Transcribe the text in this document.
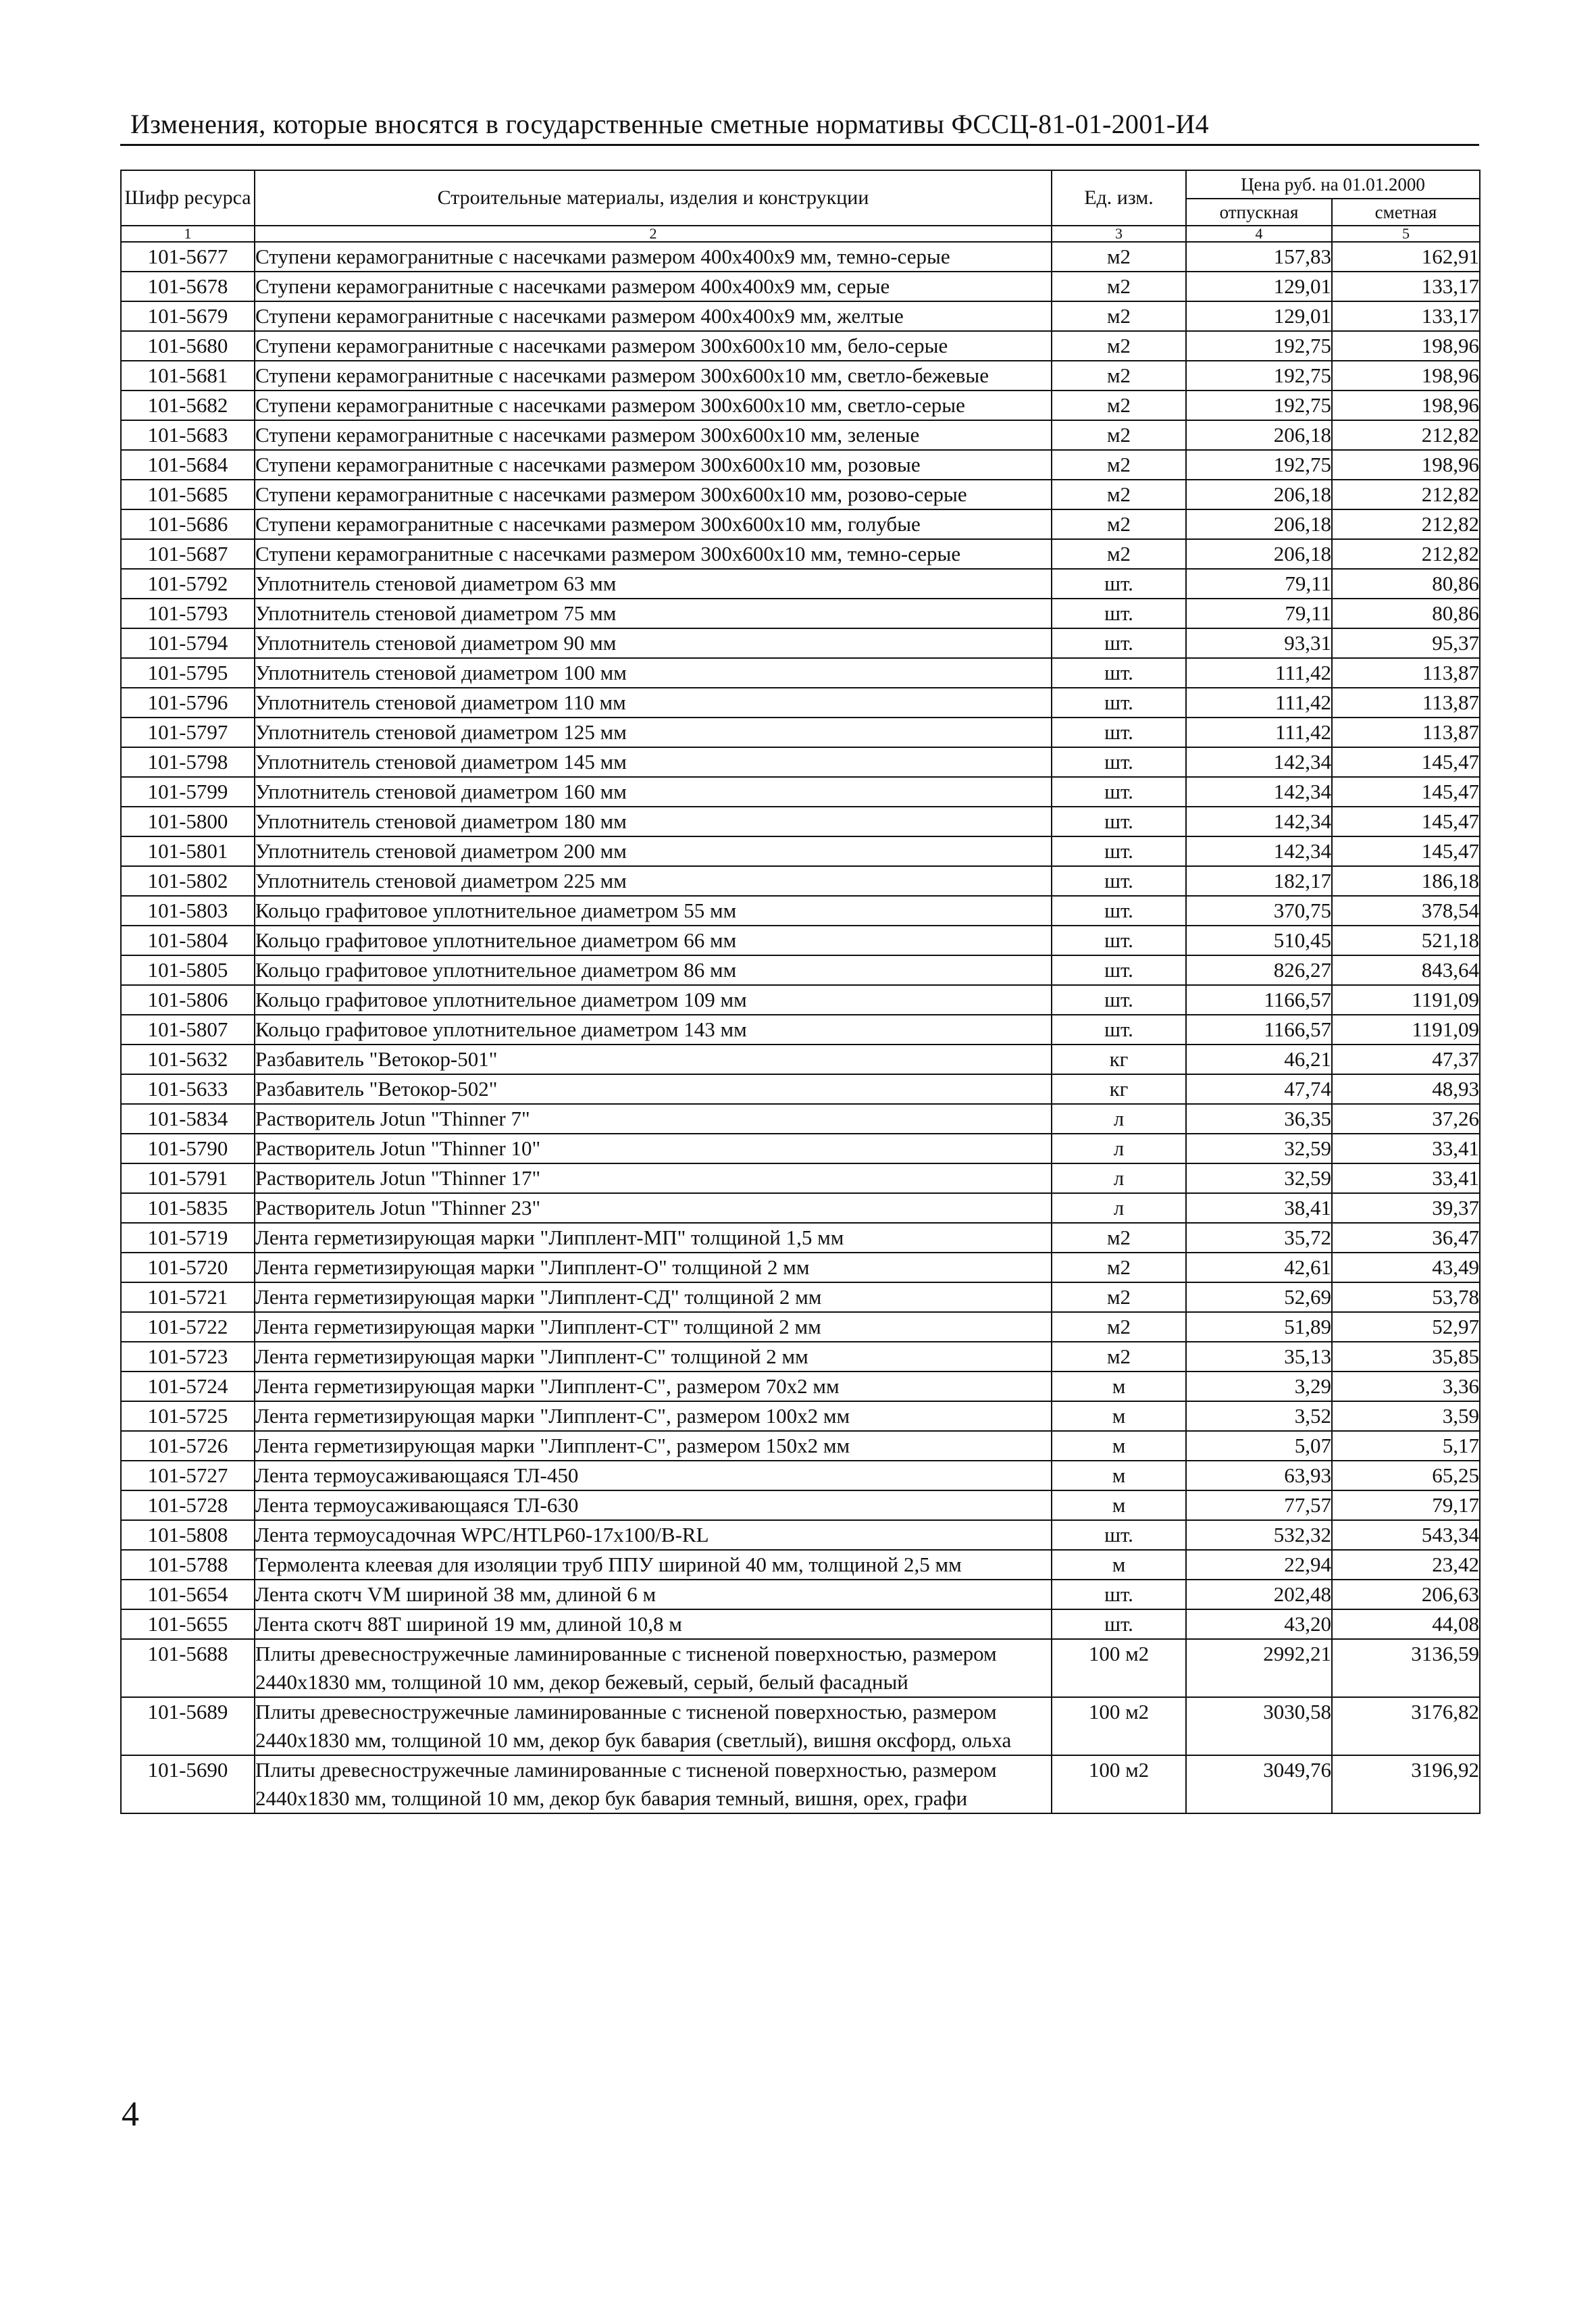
Изменения, которые вносятся в государственные сметные нормативы ФССЦ-81-01-2001-И4
Шифр ресурса	Строительные материалы, изделия и конструкции	Ед. изм.	Цена руб. на 01.01.2000	
			отпускная	сметная
1	2	3	4	5
101-5677	Ступени керамогранитные с насечками размером 400х400х9 мм, темно-серые	м2	157,83	162,91
101-5678	Ступени керамогранитные с насечками размером 400х400х9 мм, серые	м2	129,01	133,17
101-5679	Ступени керамогранитные с насечками размером 400х400х9 мм, желтые	м2	129,01	133,17
101-5680	Ступени керамогранитные с насечками размером 300х600х10 мм, бело-серые	м2	192,75	198,96
101-5681	Ступени керамогранитные с насечками размером 300х600х10 мм, светло-бежевые	м2	192,75	198,96
101-5682	Ступени керамогранитные с насечками размером 300х600х10 мм, светло-серые	м2	192,75	198,96
101-5683	Ступени керамогранитные с насечками размером 300х600х10 мм, зеленые	м2	206,18	212,82
101-5684	Ступени керамогранитные с насечками размером 300х600х10 мм, розовые	м2	192,75	198,96
101-5685	Ступени керамогранитные с насечками размером 300х600х10 мм, розово-серые	м2	206,18	212,82
101-5686	Ступени керамогранитные с насечками размером 300х600х10 мм, голубые	м2	206,18	212,82
101-5687	Ступени керамогранитные с насечками размером 300х600х10 мм, темно-серые	м2	206,18	212,82
101-5792	Уплотнитель стеновой диаметром 63 мм	шт.	79,11	80,86
101-5793	Уплотнитель стеновой диаметром 75 мм	шт.	79,11	80,86
101-5794	Уплотнитель стеновой диаметром 90 мм	шт.	93,31	95,37
101-5795	Уплотнитель стеновой диаметром 100 мм	шт.	111,42	113,87
101-5796	Уплотнитель стеновой диаметром 110 мм	шт.	111,42	113,87
101-5797	Уплотнитель стеновой диаметром 125 мм	шт.	111,42	113,87
101-5798	Уплотнитель стеновой диаметром 145 мм	шт.	142,34	145,47
101-5799	Уплотнитель стеновой диаметром 160 мм	шт.	142,34	145,47
101-5800	Уплотнитель стеновой диаметром 180 мм	шт.	142,34	145,47
101-5801	Уплотнитель стеновой диаметром 200 мм	шт.	142,34	145,47
101-5802	Уплотнитель стеновой диаметром 225 мм	шт.	182,17	186,18
101-5803	Кольцо графитовое уплотнительное диаметром 55 мм	шт.	370,75	378,54
101-5804	Кольцо графитовое уплотнительное диаметром 66 мм	шт.	510,45	521,18
101-5805	Кольцо графитовое уплотнительное диаметром 86 мм	шт.	826,27	843,64
101-5806	Кольцо графитовое уплотнительное диаметром 109 мм	шт.	1166,57	1191,09
101-5807	Кольцо графитовое уплотнительное диаметром 143 мм	шт.	1166,57	1191,09
101-5632	Разбавитель "Ветокор-501"	кг	46,21	47,37
101-5633	Разбавитель "Ветокор-502"	кг	47,74	48,93
101-5834	Растворитель Jotun "Thinner 7"	л	36,35	37,26
101-5790	Растворитель Jotun "Thinner 10"	л	32,59	33,41
101-5791	Растворитель Jotun "Thinner 17"	л	32,59	33,41
101-5835	Растворитель Jotun "Thinner 23"	л	38,41	39,37
101-5719	Лента герметизирующая марки "Липплент-МП" толщиной 1,5 мм	м2	35,72	36,47
101-5720	Лента герметизирующая марки "Липплент-О" толщиной 2 мм	м2	42,61	43,49
101-5721	Лента герметизирующая марки "Липплент-СД" толщиной 2 мм	м2	52,69	53,78
101-5722	Лента герметизирующая марки "Липплент-СТ" толщиной 2 мм	м2	51,89	52,97
101-5723	Лента герметизирующая марки "Липплент-С" толщиной 2 мм	м2	35,13	35,85
101-5724	Лента герметизирующая марки "Липплент-С", размером 70х2 мм	м	3,29	3,36
101-5725	Лента герметизирующая марки "Липплент-С", размером 100х2 мм	м	3,52	3,59
101-5726	Лента герметизирующая марки "Липплент-С", размером 150х2 мм	м	5,07	5,17
101-5727	Лента термоусаживающаяся ТЛ-450	м	63,93	65,25
101-5728	Лента термоусаживающаяся ТЛ-630	м	77,57	79,17
101-5808	Лента термоусадочная WPC/HTLP60-17x100/B-RL	шт.	532,32	543,34
101-5788	Термолента клеевая для изоляции труб ППУ шириной 40 мм, толщиной 2,5 мм	м	22,94	23,42
101-5654	Лента скотч VM шириной 38 мм, длиной 6 м	шт.	202,48	206,63
101-5655	Лента скотч 88Т шириной 19 мм, длиной 10,8 м	шт.	43,20	44,08
101-5688	Плиты древесностружечные ламинированные с тисненой поверхностью, размером 2440х1830 мм, толщиной 10 мм, декор бежевый, серый, белый фасадный	100 м2	2992,21	3136,59
101-5689	Плиты древесностружечные ламинированные с тисненой поверхностью, размером 2440х1830 мм, толщиной 10 мм, декор бук бавария (светлый), вишня оксфорд, ольха	100 м2	3030,58	3176,82
101-5690	Плиты древесностружечные ламинированные с тисненой поверхностью, размером 2440х1830 мм, толщиной 10 мм, декор бук бавария темный, вишня, орех, графи	100 м2	3049,76	3196,92
4
